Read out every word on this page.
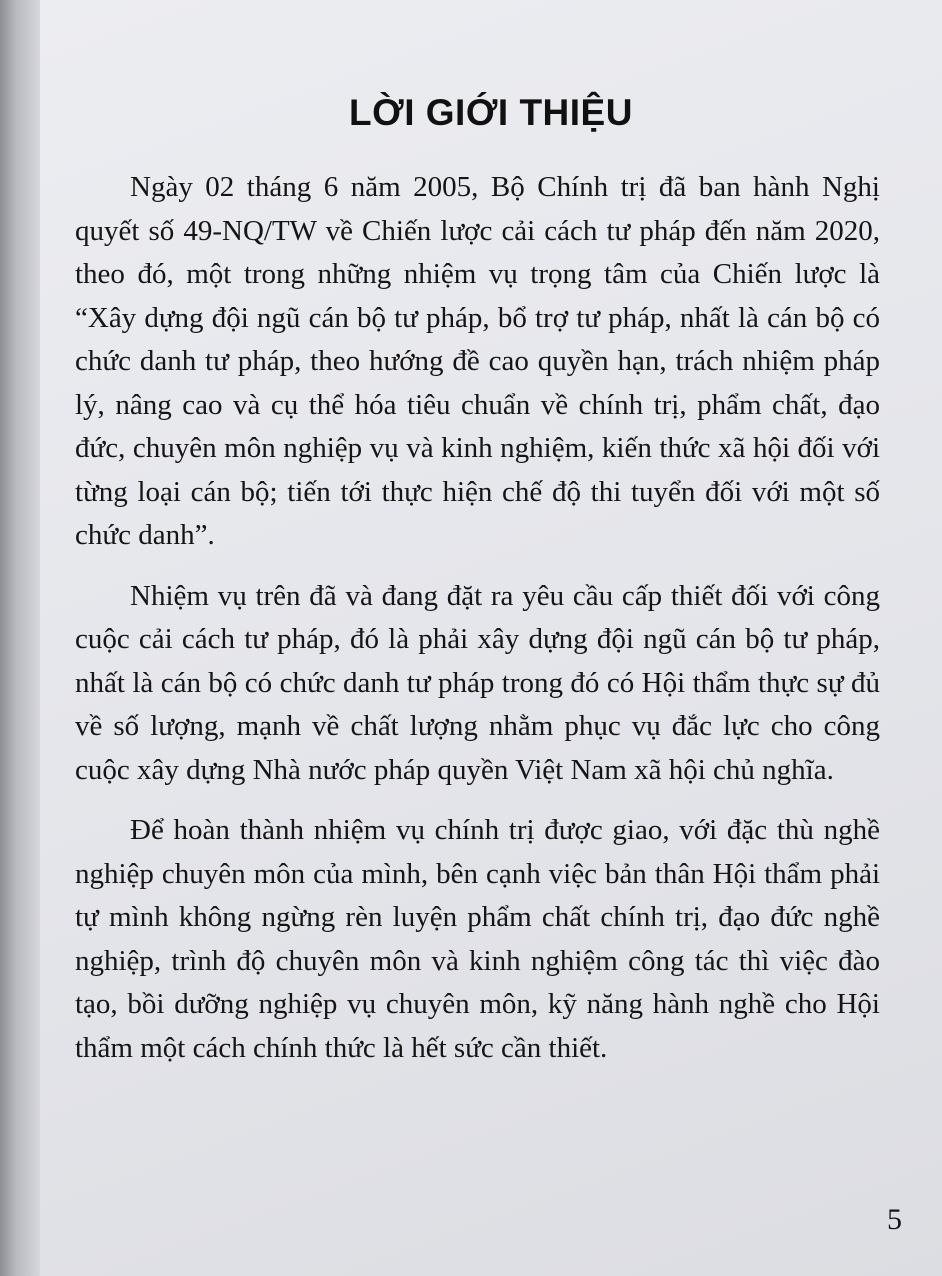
LỜI GIỚI THIỆU

Ngày 02 tháng 6 năm 2005, Bộ Chính trị đã ban hành Nghị quyết số 49-NQ/TW về Chiến lược cải cách tư pháp đến năm 2020, theo đó, một trong những nhiệm vụ trọng tâm của Chiến lược là “Xây dựng đội ngũ cán bộ tư pháp, bổ trợ tư pháp, nhất là cán bộ có chức danh tư pháp, theo hướng đề cao quyền hạn, trách nhiệm pháp lý, nâng cao và cụ thể hóa tiêu chuẩn về chính trị, phẩm chất, đạo đức, chuyên môn nghiệp vụ và kinh nghiệm, kiến thức xã hội đối với từng loại cán bộ; tiến tới thực hiện chế độ thi tuyển đối với một số chức danh”.

Nhiệm vụ trên đã và đang đặt ra yêu cầu cấp thiết đối với công cuộc cải cách tư pháp, đó là phải xây dựng đội ngũ cán bộ tư pháp, nhất là cán bộ có chức danh tư pháp trong đó có Hội thẩm thực sự đủ về số lượng, mạnh về chất lượng nhằm phục vụ đắc lực cho công cuộc xây dựng Nhà nước pháp quyền Việt Nam xã hội chủ nghĩa.

Để hoàn thành nhiệm vụ chính trị được giao, với đặc thù nghề nghiệp chuyên môn của mình, bên cạnh việc bản thân Hội thẩm phải tự mình không ngừng rèn luyện phẩm chất chính trị, đạo đức nghề nghiệp, trình độ chuyên môn và kinh nghiệm công tác thì việc đào tạo, bồi dưỡng nghiệp vụ chuyên môn, kỹ năng hành nghề cho Hội thẩm một cách chính thức là hết sức cần thiết.

5
